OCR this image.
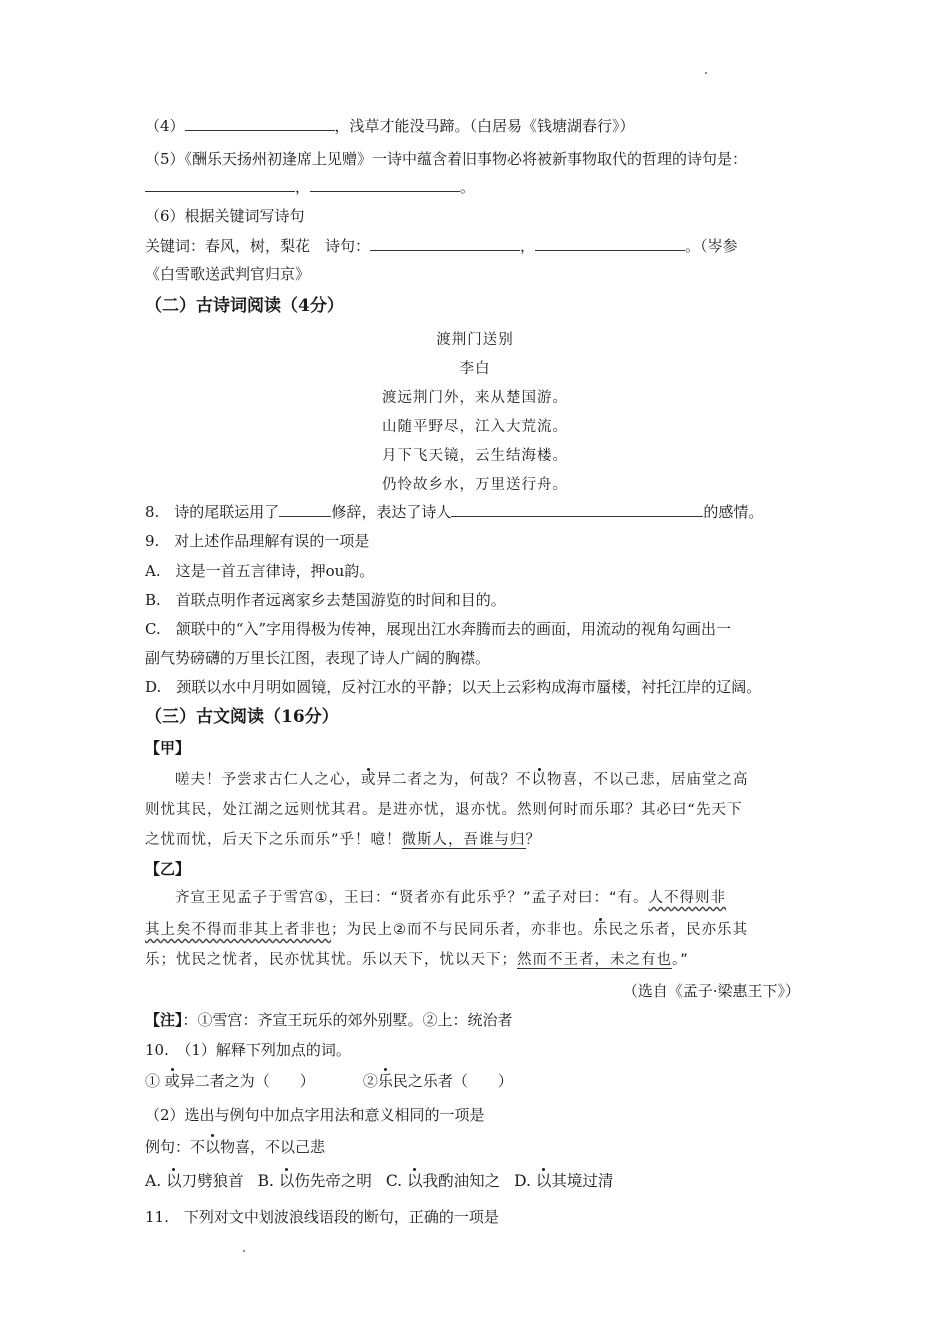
（4）	，浅草才能没马蹄。（白居易《钱塘湖春行》）
（5）《酬乐天扬州初逢席上见赠》一诗中蕴含着旧事物必将被新事物取代的哲理的诗句是：
，	。
（6）根据关键词写诗句
关键词：春风，树，梨花　诗句：	，	。（岑参
《白雪歌送武判官归京》
（二）古诗词阅读（4分）
渡荆门送别
李白
渡远荆门外，来从楚国游。
山随平野尽，江入大荒流。
月下飞天镜，云生结海楼。
仍怜故乡水，万里送行舟。
8.　诗的尾联运用了	修辞，表达了诗人	的感情。
9.　对上述作品理解有误的一项是
A.　这是一首五言律诗，押ou韵。
B.　首联点明作者远离家乡去楚国游览的时间和目的。
C.　颔联中的“入”字用得极为传神，展现出江水奔腾而去的画面，用流动的视角勾画出一
副气势磅礴的万里长江图，表现了诗人广阔的胸襟。
D.　颈联以水中月明如圆镜，反衬江水的平静；以天上云彩构成海市蜃楼，衬托江岸的辽阔。
（三）古文阅读（16分）
【甲】
嗟夫！予尝求古仁人之心，或异二者之为，何哉？不以物喜，不以己悲，居庙堂之高
则忧其民，处江湖之远则忧其君。是进亦忧，退亦忧。然则何时而乐耶？其必曰“先天下
之忧而忧，后天下之乐而乐”乎！噫！微斯人，吾谁与归？
【乙】
齐宣王见孟子于雪宫①，王曰：“贤者亦有此乐乎？”孟子对曰：“有。人不得则非
其上矣不得而非其上者非也；为民上②而不与民同乐者，亦非也。乐民之乐者，民亦乐其
乐；忧民之忧者，民亦忧其忧。乐以天下，忧以天下；然而不王者，未之有也。”
（选自《孟子·梁惠王下》）
【注】：①雪宫：齐宣王玩乐的郊外别墅。②上：统治者
10.　（1）解释下列加点的词。
① 或异二者之为（　　）	②乐民之乐者（　　）
（2）选出与例句中加点字用法和意义相同的一项是
例句：不以物喜，不以己悲
A. 以刀劈狼首 B. 以伤先帝之明 C. 以我酌油知之 D. 以其境过清
11.　下列对文中划波浪线语段的断句，正确的一项是
